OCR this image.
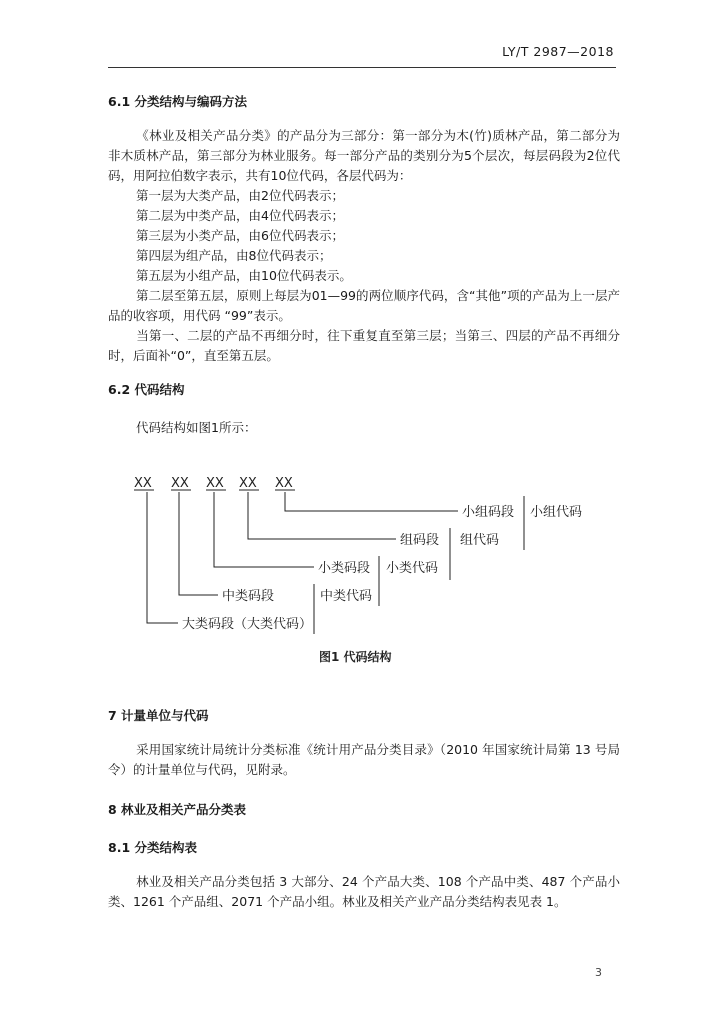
LY/T 2987—2018
6.1 分类结构与编码方法
《林业及相关产品分类》的产品分为三部分：第一部分为木(竹)质林产品，第二部分为非木质林产品，第三部分为林业服务。每一部分产品的类别分为5个层次，每层码段为2位代码，用阿拉伯数字表示，共有10位代码，各层代码为：
第一层为大类产品，由2位代码表示；
第二层为中类产品，由4位代码表示；
第三层为小类产品，由6位代码表示；
第四层为组产品，由8位代码表示；
第五层为小组产品，由10位代码表示。
第二层至第五层，原则上每层为01—99的两位顺序代码，含“其他”项的产品为上一层产品的收容项，用代码 “99”表示。
当第一、二层的产品不再细分时，往下重复直至第三层；当第三、四层的产品不再细分时，后面补“0”，直至第五层。
6.2 代码结构
代码结构如图1所示：
XX XX XX XX XX
小组码段 小组代码
组码段 组代码
小类码段 小类代码
中类码段	中类代码
大类码段（大类代码）
图1 代码结构
7 计量单位与代码
采用国家统计局统计分类标准《统计用产品分类目录》（2010 年国家统计局第 13 号局令）的计量单位与代码，见附录。
8 林业及相关产品分类表
8.1 分类结构表
林业及相关产品分类包括 3 大部分、24 个产品大类、108 个产品中类、487 个产品小类、1261 个产品组、2071 个产品小组。林业及相关产业产品分类结构表见表 1。
3
